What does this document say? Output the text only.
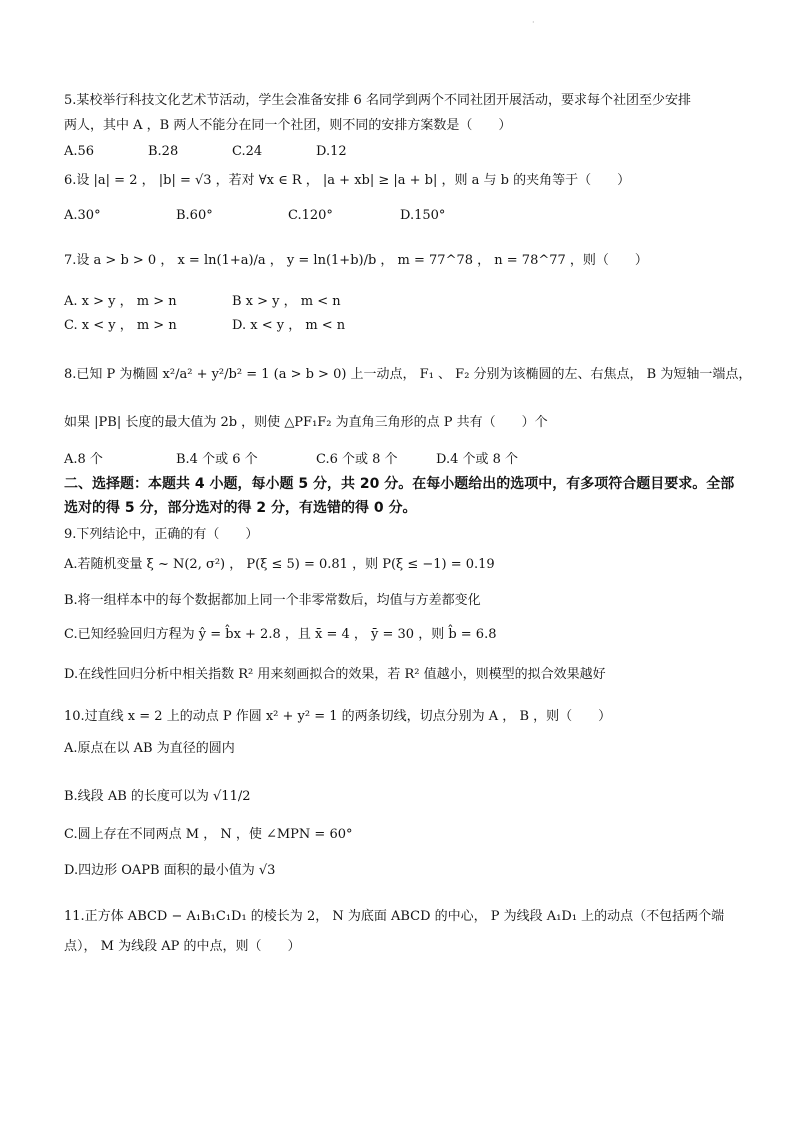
·
5.某校举行科技文化艺术节活动，学生会准备安排 6 名同学到两个不同社团开展活动，要求每个社团至少安排
两人，其中 A ，B 两人不能分在同一个社团，则不同的安排方案数是（　　）
A.56	B.28	C.24	D.12
6.设 |a| = 2 ， |b| = √3 ，若对 ∀x ∈ R ， |a + xb| ≥ |a + b| ，则 a 与 b 的夹角等于（　　）
A.30°	B.60°	C.120°	D.150°
7.设 a > b > 0 ， x = ln(1+a)/a ， y = ln(1+b)/b ， m = 77^78 ， n = 78^77 ，则（　　）
A. x > y ， m > n	B x > y ， m < n
C. x < y ， m > n	D. x < y ， m < n
8.已知 P 为椭圆 x²/a² + y²/b² = 1 (a > b > 0) 上一动点， F₁ 、 F₂ 分别为该椭圆的左、右焦点， B 为短轴一端点，
如果 |PB| 长度的最大值为 2b ，则使 △PF₁F₂ 为直角三角形的点 P 共有（　　）个
A.8 个	B.4 个或 6 个	C.6 个或 8 个	D.4 个或 8 个
二、选择题：本题共 4 小题，每小题 5 分，共 20 分。在每小题给出的选项中，有多项符合题目要求。全部选对的得 5 分，部分选对的得 2 分，有选错的得 0 分。
9.下列结论中，正确的有（　　）
A.若随机变量 ξ ~ N(2, σ²) ， P(ξ ≤ 5) = 0.81 ，则 P(ξ ≤ −1) = 0.19
B.将一组样本中的每个数据都加上同一个非零常数后，均值与方差都变化
C.已知经验回归方程为 ŷ = b̂x + 2.8 ，且 x̄ = 4 ， ȳ = 30 ，则 b̂ = 6.8
D.在线性回归分析中相关指数 R² 用来刻画拟合的效果，若 R² 值越小，则模型的拟合效果越好
10.过直线 x = 2 上的动点 P 作圆 x² + y² = 1 的两条切线，切点分别为 A ， B ，则（　　）
A.原点在以 AB 为直径的圆内
B.线段 AB 的长度可以为 √11/2
C.圆上存在不同两点 M ， N ，使 ∠MPN = 60°
D.四边形 OAPB 面积的最小值为 √3
11.正方体 ABCD − A₁B₁C₁D₁ 的棱长为 2， N 为底面 ABCD 的中心， P 为线段 A₁D₁ 上的动点（不包括两个端
点）， M 为线段 AP 的中点，则（　　）
